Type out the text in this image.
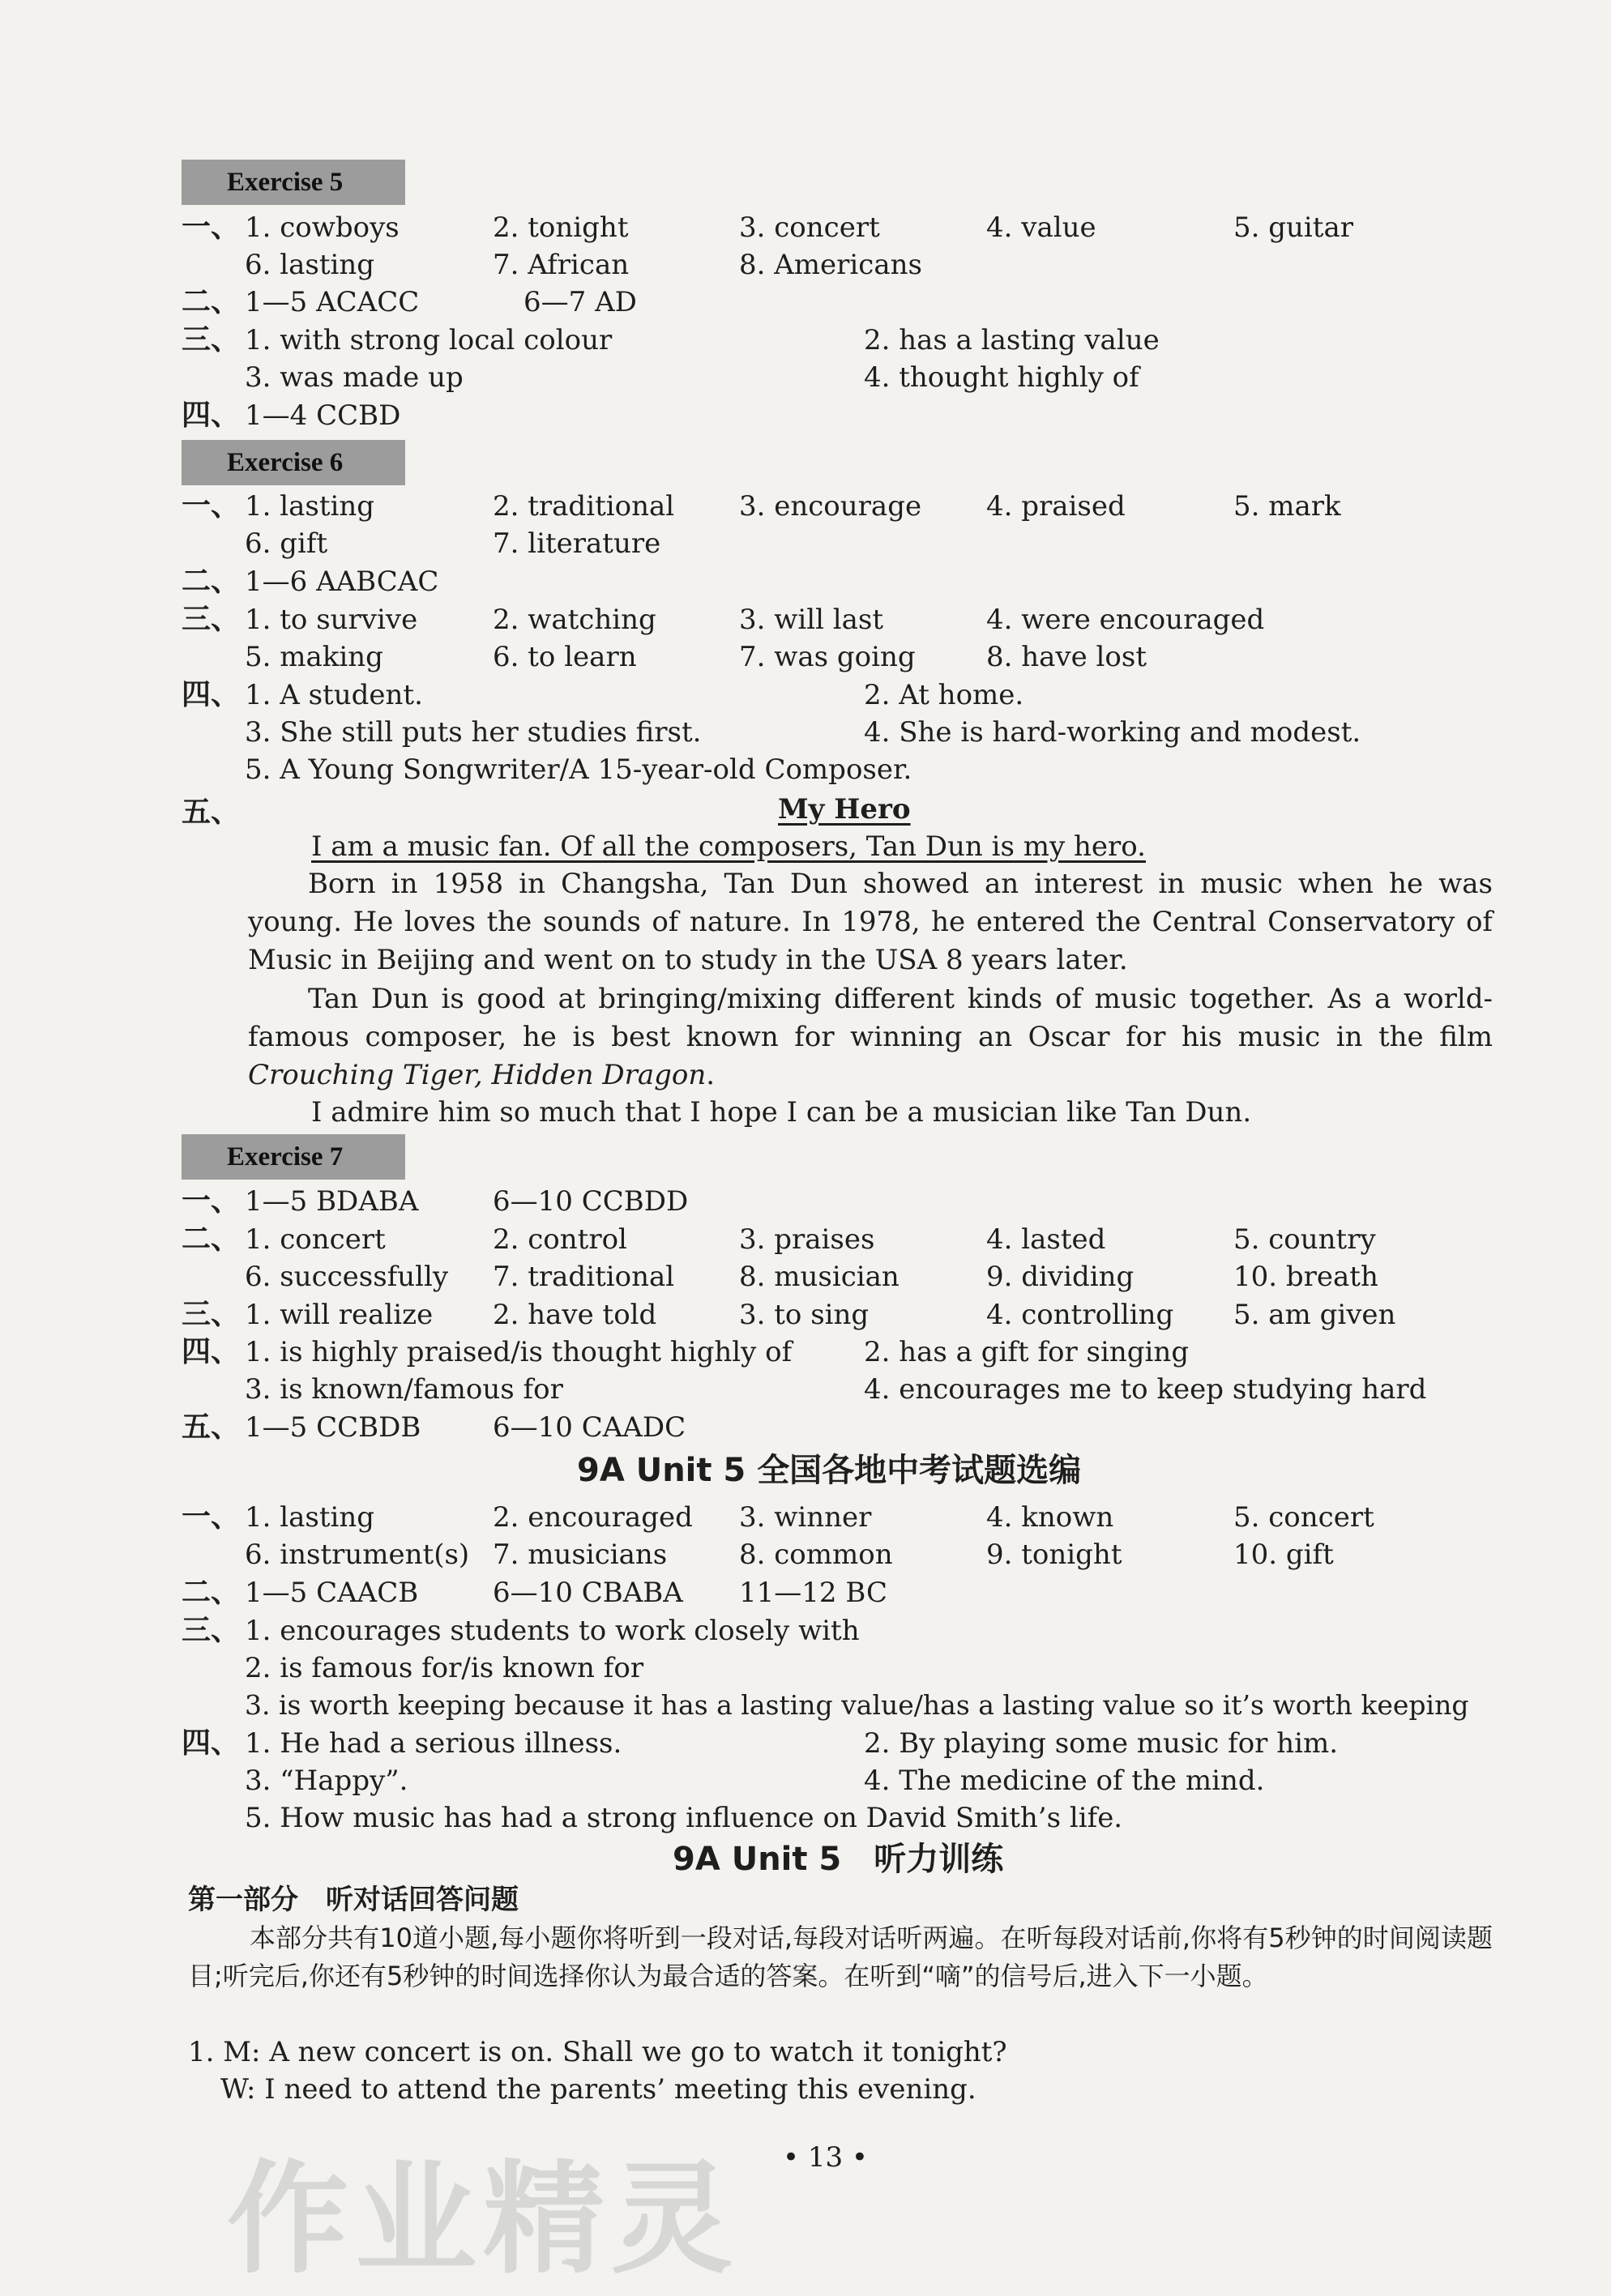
Exercise 5
一、 1. cowboys	2. tonight	3. concert	4. value	5. guitar
6. lasting	7. African	8. Americans
二、 1—5 ACACC	6—7 AD
三、 1. with strong local colour	2. has a lasting value
3. was made up	4. thought highly of
四、 1—4 CCBD
Exercise 6
一、 1. lasting	2. traditional 3. encourage 4. praised	5. mark
6. gift	7. literature
二、 1—6 AABCAC
三、 1. to survive	2. watching	3. will last	4. were encouraged
5. making	6. to learn	7. was going	8. have lost
四、 1. A student.	2. At home.
3. She still puts her studies first.	4. She is hard-working and modest.
5. A Young Songwriter/A 15-year-old Composer.
五、	My Hero
I am a music fan. Of all the composers, Tan Dun is my hero.
Born in 1958 in Changsha, Tan Dun showed an interest in music when he was young. He loves the sounds of nature. In 1978, he entered the Central Conservatory of Music in Beijing and went on to study in the USA 8 years later.
Tan Dun is good at bringing/mixing different kinds of music together. As a world-famous composer, he is best known for winning an Oscar for his music in the film Crouching Tiger, Hidden Dragon.
I admire him so much that I hope I can be a musician like Tan Dun.
Exercise 7
一、 1—5 BDABA	6—10 CCBDD
二、 1. concert	2. control	3. praises	4. lasted	5. country
6. successfully 7. traditional 8. musician	9. dividing	10. breath
三、 1. will realize 2. have told	3. to sing	4. controlling 5. am given
四、 1. is highly praised/is thought highly of	2. has a gift for singing
3. is known/famous for	4. encourages me to keep studying hard
五、 1—5 CCBDB	6—10 CAADC
9A Unit 5 全国各地中考试题选编
一、 1. lasting	2. encouraged 3. winner	4. known	5. concert
6. instrument(s) 7. musicians	8. common	9. tonight	10. gift
二、 1—5 CAACB	6—10 CBABA 11—12 BC
三、 1. encourages students to work closely with
2. is famous for/is known for
3. is worth keeping because it has a lasting value/has a lasting value so it’s worth keeping
四、 1. He had a serious illness.	2. By playing some music for him.
3. “Happy”.	4. The medicine of the mind.
5. How music has had a strong influence on David Smith’s life.
9A Unit 5　听力训练
第一部分　听对话回答问题
本部分共有10道小题,每小题你将听到一段对话,每段对话听两遍。在听每段对话前,你将有5秒钟的时间阅读题目;听完后,你还有5秒钟的时间选择你认为最合适的答案。在听到“嘀”的信号后,进入下一小题。
1. M: A new concert is on. Shall we go to watch it tonight?
W: I need to attend the parents’ meeting this evening.
• 13 •
作业精灵
